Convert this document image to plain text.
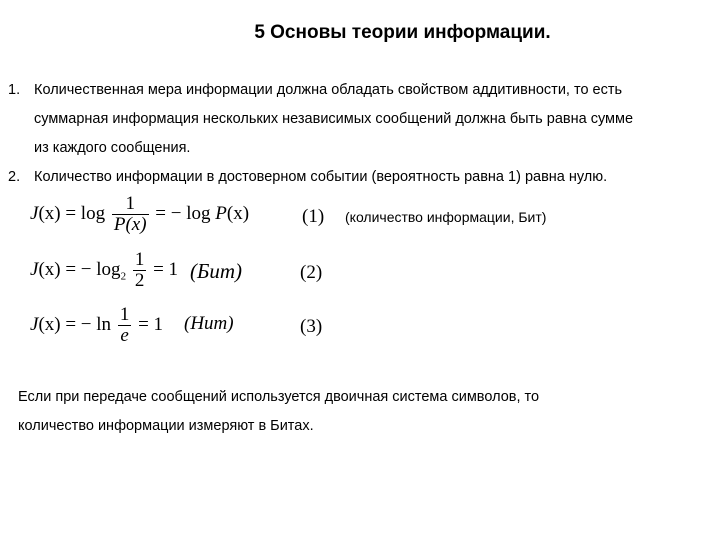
5 Основы теории информации.
1. Количественная мера информации должна обладать свойством аддитивности, то есть
суммарная информация нескольких независимых сообщений должна быть равна сумме
из каждого сообщения.
2. Количество информации в достоверном событии (вероятность равна 1) равна нулю.
$J(x) = \log \frac{1}{P(x)}$ = − log P(x)	(1) (количество информации, Бит)
J(x) = − $\log_2 \frac{1}{2} = 1$ (Бит)	(2)
J(x) = − $\ln \frac{1}{e} = 1$ (Нит)	(3)
Если при передаче сообщений используется двоичная система символов, то
количество информации измеряют в Битах.
